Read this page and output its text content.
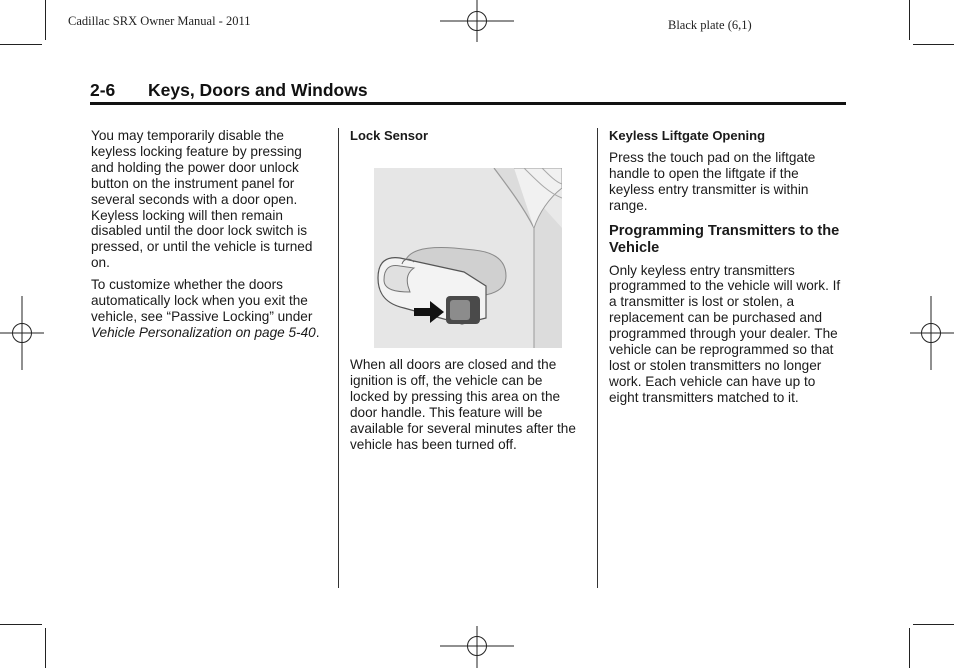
Cadillac SRX Owner Manual - 2011	Black plate (6,1)
2-6 Keys, Doors and Windows

You may temporarily disable the keyless locking feature by pressing and holding the power door unlock button on the instrument panel for several seconds with a door open. Keyless locking will then remain disabled until the door lock switch is pressed, or until the vehicle is turned on.

To customize whether the doors automatically lock when you exit the vehicle, see “Passive Locking” under Vehicle Personalization on page 5-40.

Lock Sensor

When all doors are closed and the ignition is off, the vehicle can be locked by pressing this area on the door handle. This feature will be available for several minutes after the vehicle has been turned off.

Keyless Liftgate Opening

Press the touch pad on the liftgate handle to open the liftgate if the keyless entry transmitter is within range.

Programming Transmitters to the Vehicle

Only keyless entry transmitters programmed to the vehicle will work. If a transmitter is lost or stolen, a replacement can be purchased and programmed through your dealer. The vehicle can be reprogrammed so that lost or stolen transmitters no longer work. Each vehicle can have up to eight transmitters matched to it.
